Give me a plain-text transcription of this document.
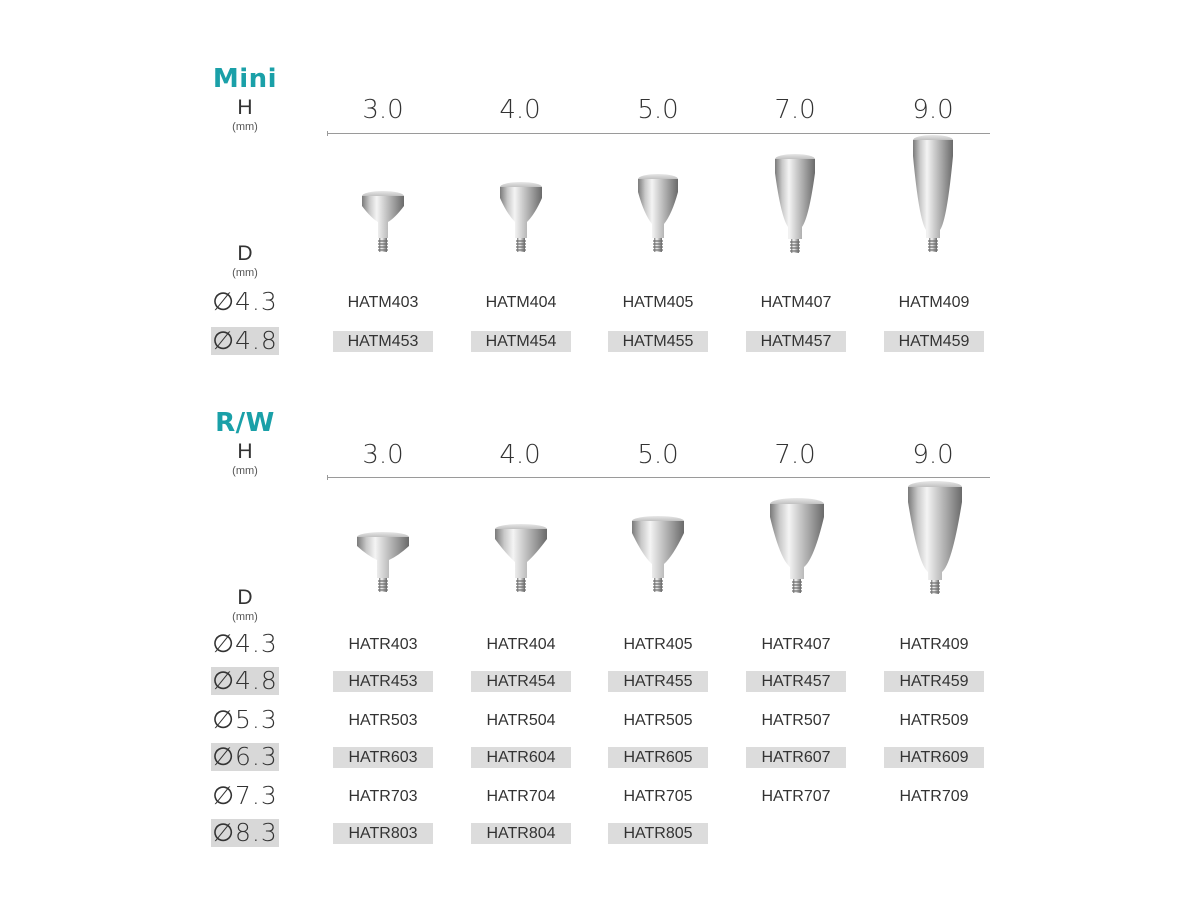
Mini
H
(mm)
3.0	4.0	5.0	7.0	9.0
D
(mm)
∅4.3	HATM403	HATM404	HATM405	HATM407	HATM409
∅4.8	HATM453	HATM454	HATM455	HATM457	HATM459
R/W
H
(mm)
3.0	4.0	5.0	7.0	9.0
D
(mm)
∅4.3	HATR403	HATR404	HATR405	HATR407	HATR409
∅4.8	HATR453	HATR454	HATR455	HATR457	HATR459
∅5.3	HATR503	HATR504	HATR505	HATR507	HATR509
∅6.3	HATR603	HATR604	HATR605	HATR607	HATR609
∅7.3	HATR703	HATR704	HATR705	HATR707	HATR709
∅8.3	HATR803	HATR804	HATR805
